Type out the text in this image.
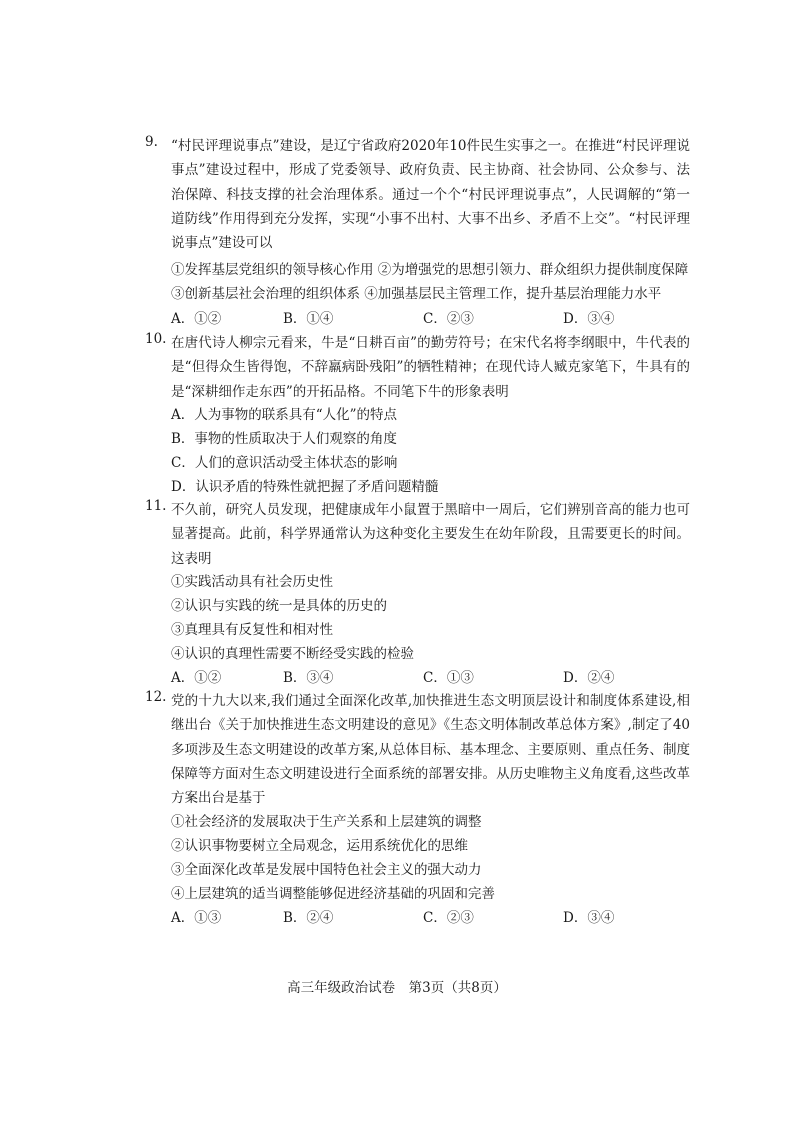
9. “村民评理说事点”建设，是辽宁省政府2020年10件民生实事之一。在推进“村民评理说事点”建设过程中，形成了党委领导、政府负责、民主协商、社会协同、公众参与、法治保障、科技支撑的社会治理体系。通过一个个“村民评理说事点”，人民调解的“第一道防线”作用得到充分发挥，实现“小事不出村、大事不出乡、矛盾不上交”。“村民评理说事点”建设可以
①发挥基层党组织的领导核心作用 ②为增强党的思想引领力、群众组织力提供制度保障
③创新基层社会治理的组织体系 ④加强基层民主管理工作，提升基层治理能力水平
A．①②	B．①④	C．②③	D．③④
10. 在唐代诗人柳宗元看来，牛是“日耕百亩”的勤劳符号；在宋代名将李纲眼中，牛代表的是“但得众生皆得饱，不辞羸病卧残阳”的牺牲精神；在现代诗人臧克家笔下，牛具有的是“深耕细作走东西”的开拓品格。不同笔下牛的形象表明
A．人为事物的联系具有“人化”的特点
B．事物的性质取决于人们观察的角度
C．人们的意识活动受主体状态的影响
D．认识矛盾的特殊性就把握了矛盾问题精髓
11. 不久前，研究人员发现，把健康成年小鼠置于黑暗中一周后，它们辨别音高的能力也可显著提高。此前，科学界通常认为这种变化主要发生在幼年阶段，且需要更长的时间。这表明
①实践活动具有社会历史性
②认识与实践的统一是具体的历史的
③真理具有反复性和相对性
④认识的真理性需要不断经受实践的检验
A．①②	B．③④	C．①③	D．②④
12. 党的十九大以来,我们通过全面深化改革,加快推进生态文明顶层设计和制度体系建设,相继出台《关于加快推进生态文明建设的意见》《生态文明体制改革总体方案》,制定了40多项涉及生态文明建设的改革方案,从总体目标、基本理念、主要原则、重点任务、制度保障等方面对生态文明建设进行全面系统的部署安排。从历史唯物主义角度看,这些改革方案出台是基于
①社会经济的发展取决于生产关系和上层建筑的调整
②认识事物要树立全局观念，运用系统优化的思维
③全面深化改革是发展中国特色社会主义的强大动力
④上层建筑的适当调整能够促进经济基础的巩固和完善
A．①③	B．②④	C．②③	D．③④
高三年级政治试卷　第3页（共8页）
